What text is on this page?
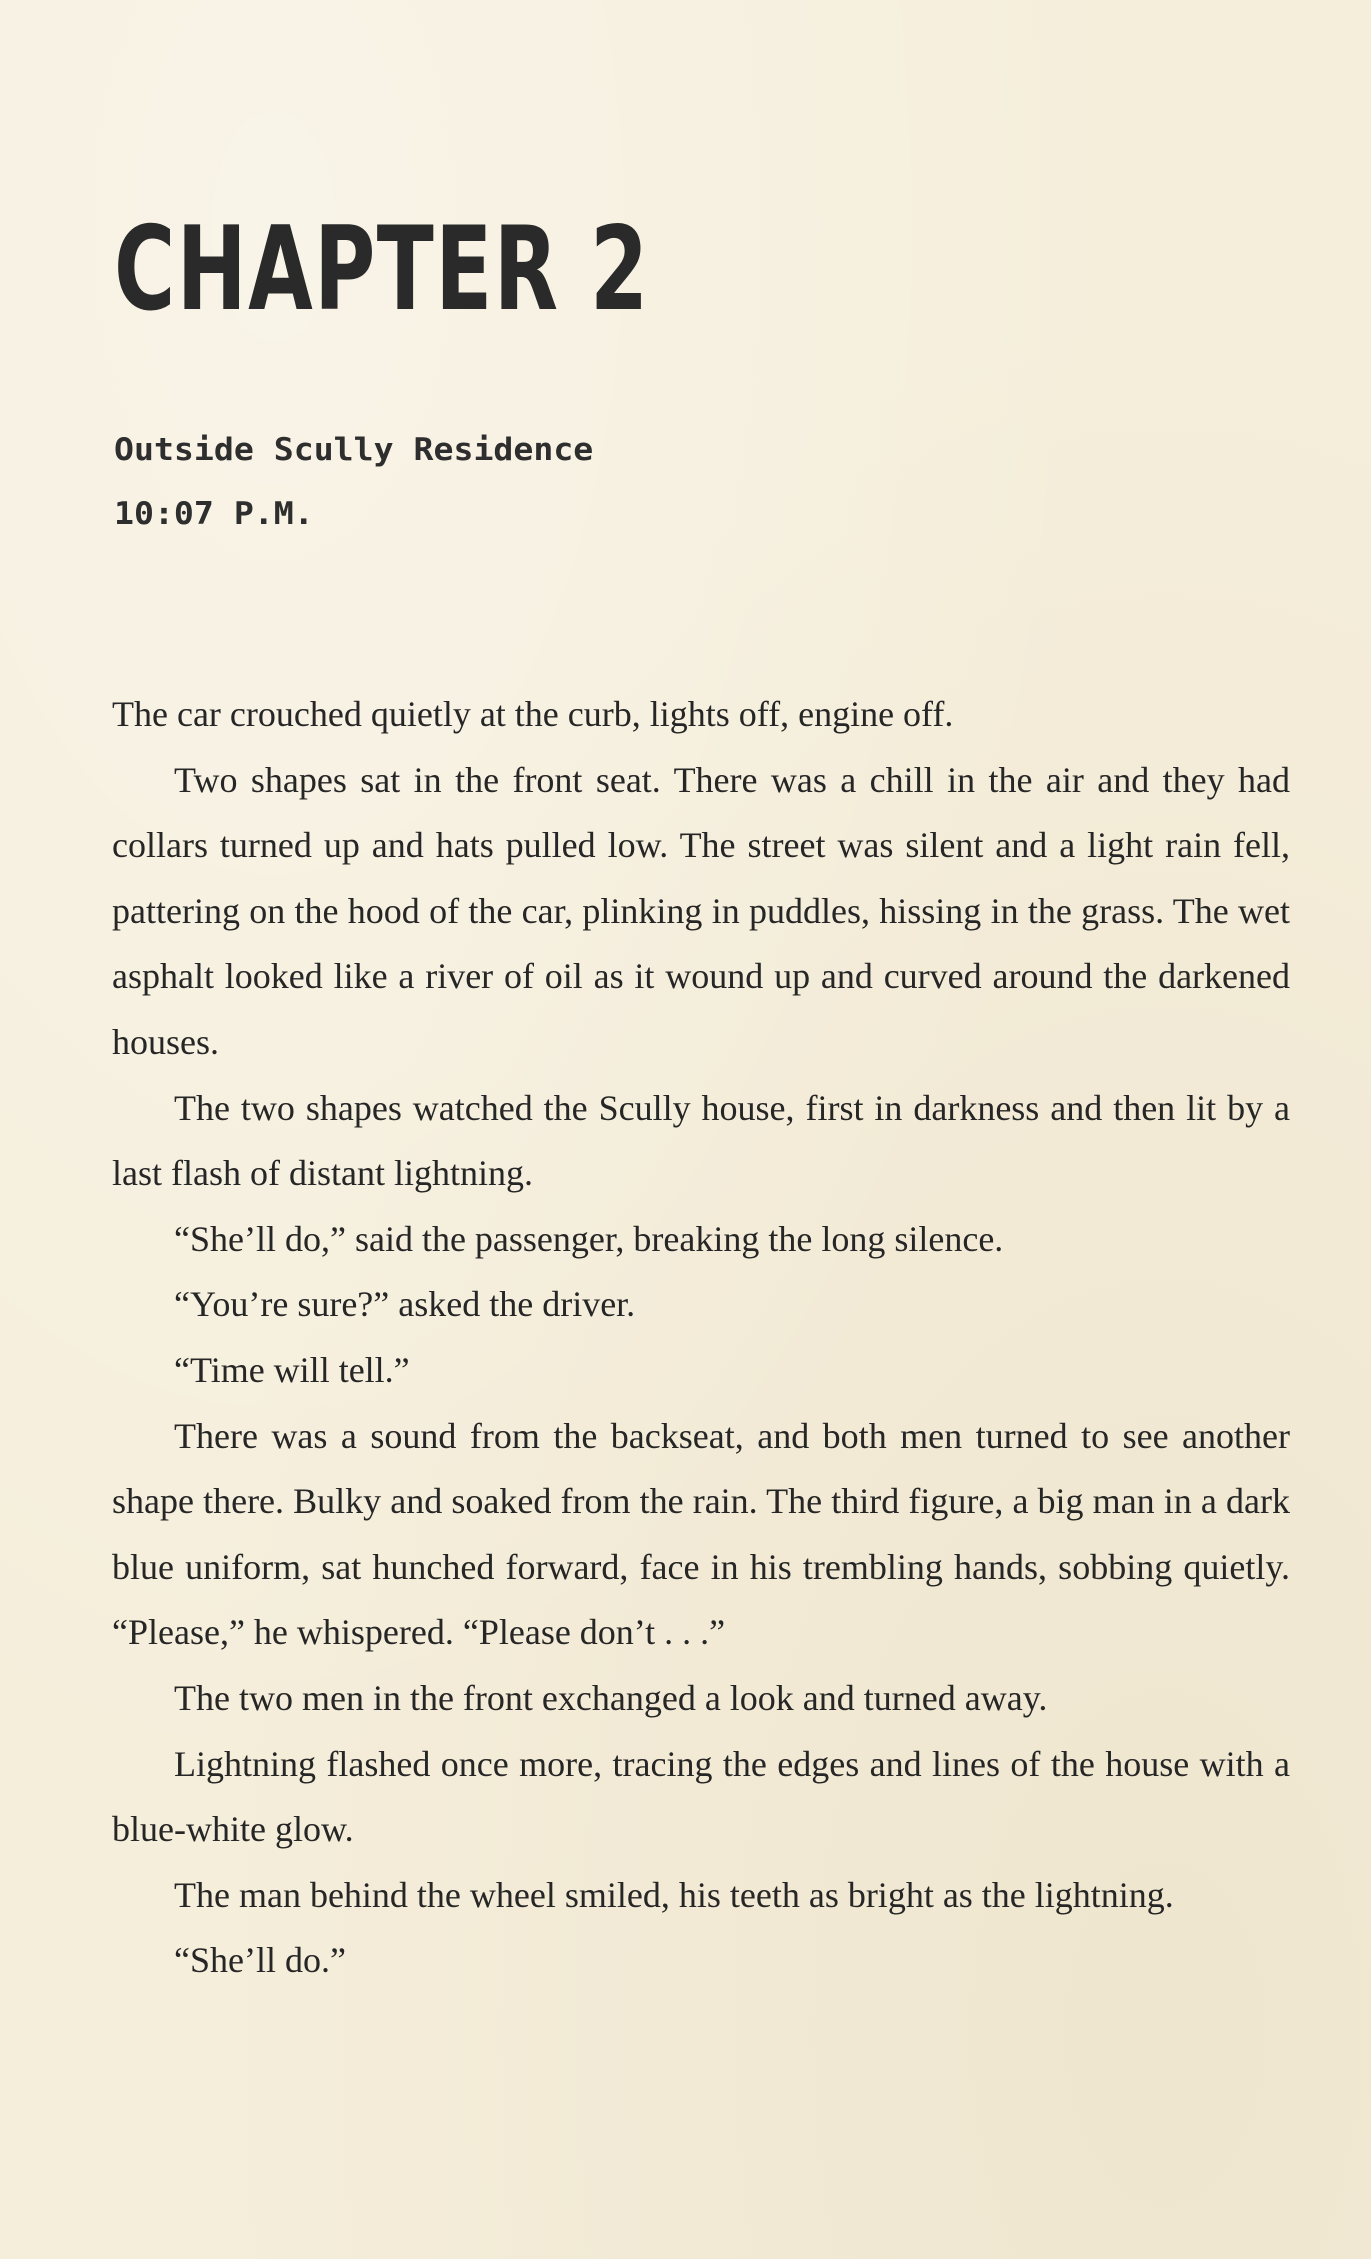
CHAPTER 2
Outside Scully Residence
10:07 P.M.

The car crouched quietly at the curb, lights off, engine off.

Two shapes sat in the front seat. There was a chill in the air and they had collars turned up and hats pulled low. The street was silent and a light rain fell, pattering on the hood of the car, plinking in puddles, hissing in the grass. The wet asphalt looked like a river of oil as it wound up and curved around the darkened houses.

The two shapes watched the Scully house, first in darkness and then lit by a last flash of distant lightning.

“She’ll do,” said the passenger, breaking the long silence.

“You’re sure?” asked the driver.

“Time will tell.”

There was a sound from the backseat, and both men turned to see another shape there. Bulky and soaked from the rain. The third figure, a big man in a dark blue uniform, sat hunched forward, face in his trembling hands, sobbing quietly. “Please,” he whispered. “Please don’t . . .”

The two men in the front exchanged a look and turned away.

Lightning flashed once more, tracing the edges and lines of the house with a blue-white glow.

The man behind the wheel smiled, his teeth as bright as the lightning.

“She’ll do.”
